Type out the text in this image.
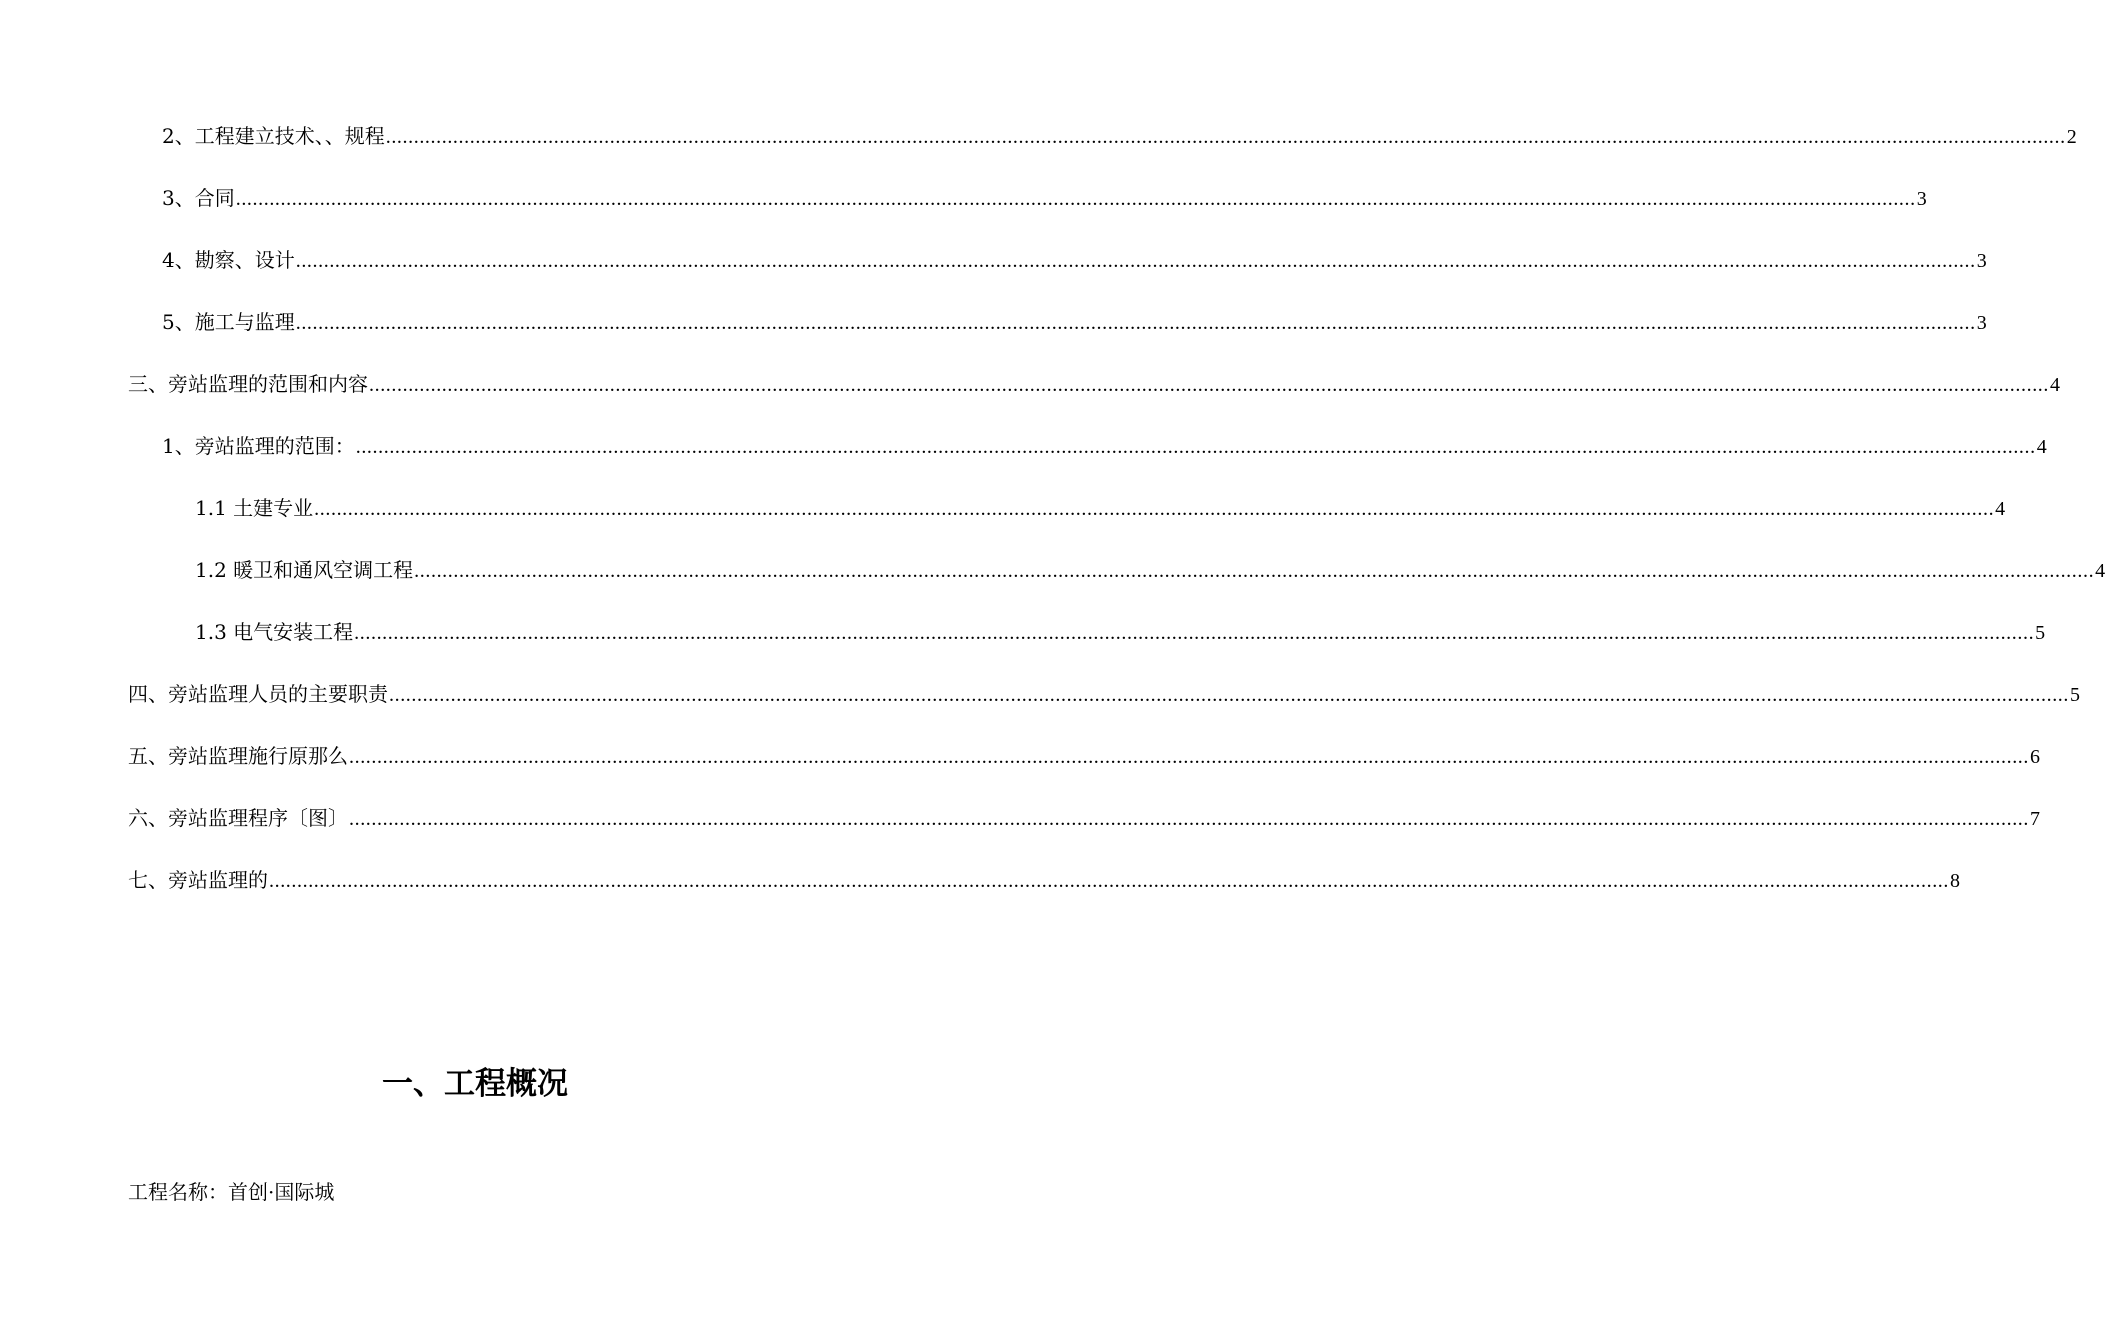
2、工程建立技术、、规程 ............................................................................................................................................................................................................................................................................................................ 2
3、合同 ............................................................................................................................................................................................................................................................................................................ 3
4、勘察、设计 ............................................................................................................................................................................................................................................................................................................ 3
5、施工与监理 ............................................................................................................................................................................................................................................................................................................ 3
三、旁站监理的范围和内容 ............................................................................................................................................................................................................................................................................................................ 4
1、旁站监理的范围： ............................................................................................................................................................................................................................................................................................................ 4
1.1 土建专业 ............................................................................................................................................................................................................................................................................................................ 4
1.2 暖卫和通风空调工程 ............................................................................................................................................................................................................................................................................................................ 4
1.3 电气安装工程 ............................................................................................................................................................................................................................................................................................................ 5
四、旁站监理人员的主要职责 ............................................................................................................................................................................................................................................................................................................ 5
五、旁站监理施行原那么 ............................................................................................................................................................................................................................................................................................................ 6
六、旁站监理程序〔图〕 ............................................................................................................................................................................................................................................................................................................ 7
七、旁站监理的 ............................................................................................................................................................................................................................................................................................................ 8
一、工程概况
工程名称：首创·国际城
